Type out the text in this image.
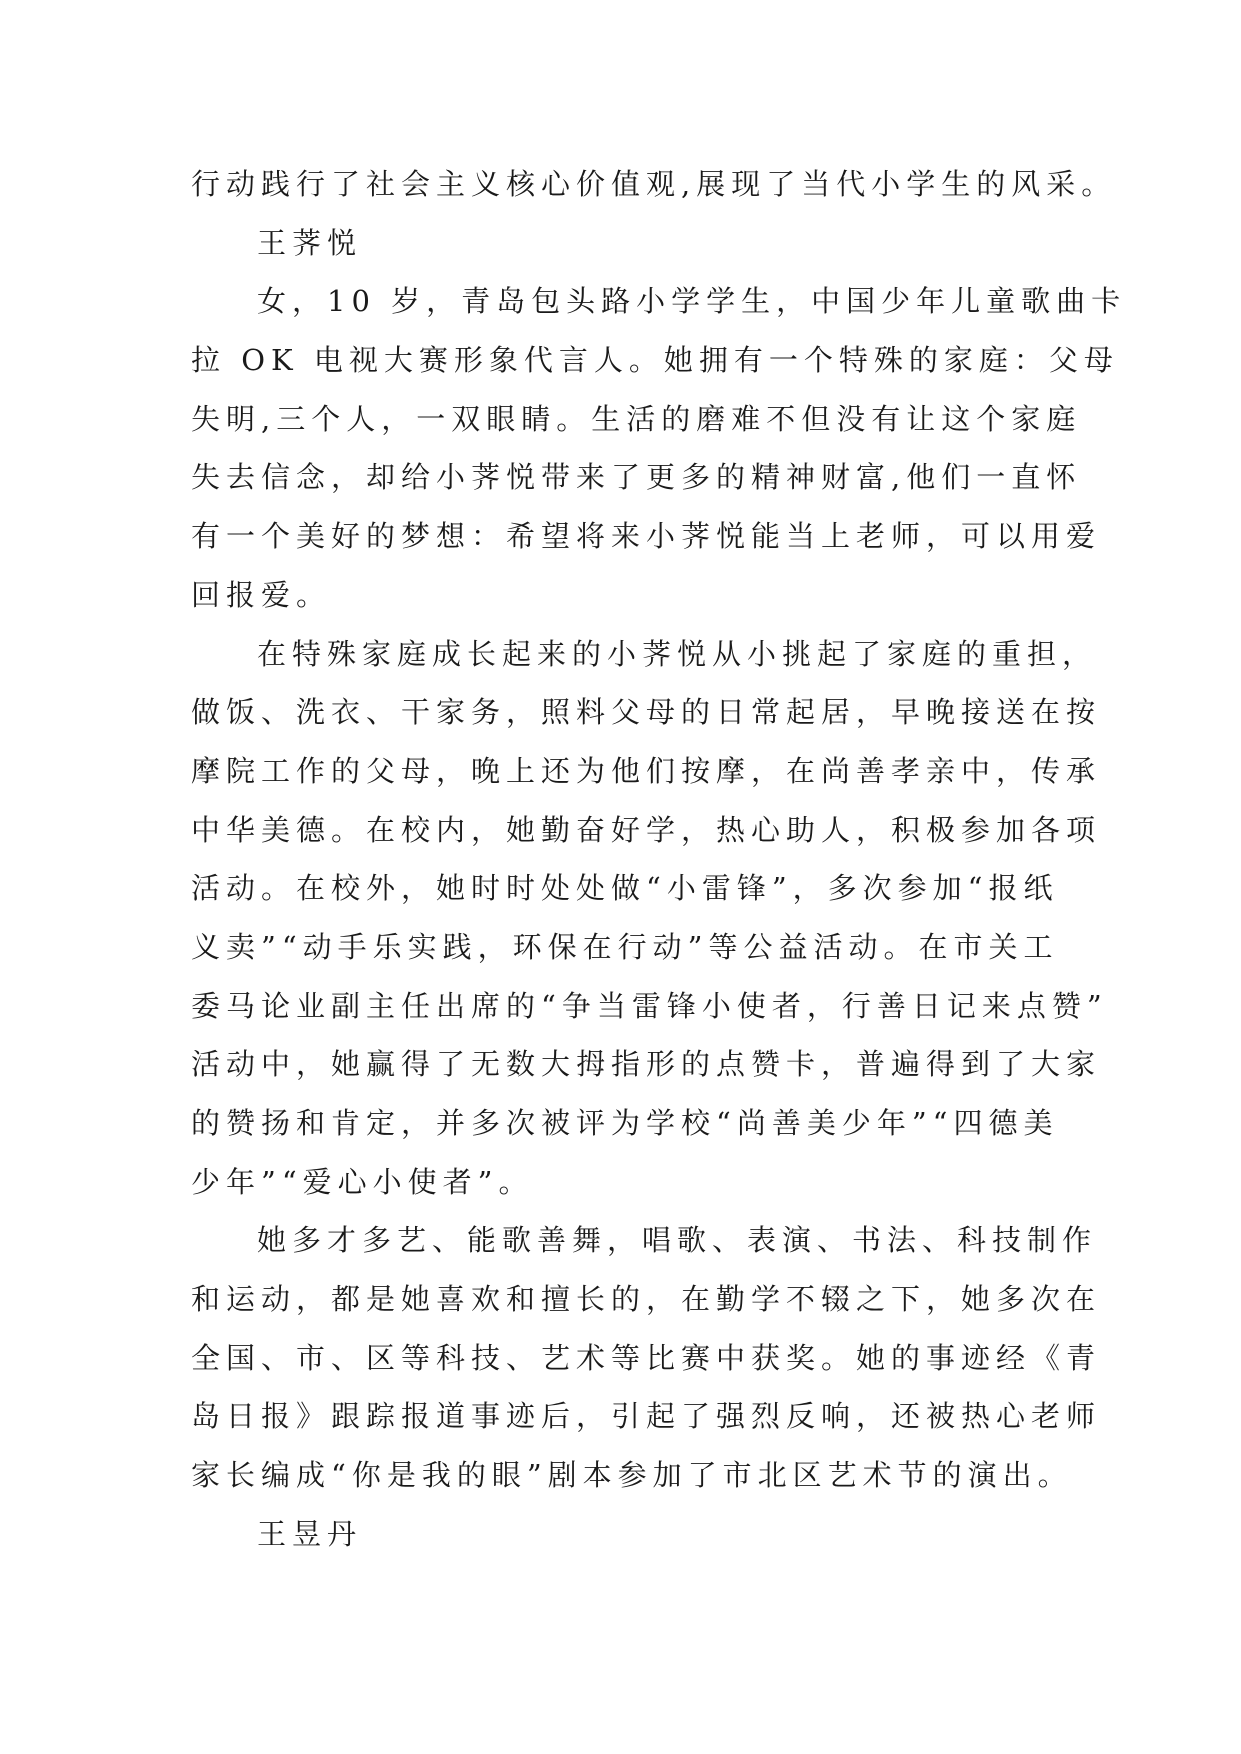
行动践行了社会主义核心价值观,展现了当代小学生的风采。
王荠悦
女，10 岁，青岛包头路小学学生，中国少年儿童歌曲卡
拉 OK 电视大赛形象代言人。她拥有一个特殊的家庭：父母
失明,三个人，一双眼睛。生活的磨难不但没有让这个家庭
失去信念，却给小荠悦带来了更多的精神财富,他们一直怀
有一个美好的梦想：希望将来小荠悦能当上老师，可以用爱
回报爱。
在特殊家庭成长起来的小荠悦从小挑起了家庭的重担，
做饭、洗衣、干家务，照料父母的日常起居，早晚接送在按
摩院工作的父母，晚上还为他们按摩，在尚善孝亲中，传承
中华美德。在校内，她勤奋好学，热心助人，积极参加各项
活动。在校外，她时时处处做“小雷锋”，多次参加“报纸
义卖”“动手乐实践，环保在行动”等公益活动。在市关工
委马论业副主任出席的“争当雷锋小使者，行善日记来点赞”
活动中，她赢得了无数大拇指形的点赞卡，普遍得到了大家
的赞扬和肯定，并多次被评为学校“尚善美少年”“四德美
少年”“爱心小使者”。
她多才多艺、能歌善舞，唱歌、表演、书法、科技制作
和运动，都是她喜欢和擅长的，在勤学不辍之下，她多次在
全国、市、区等科技、艺术等比赛中获奖。她的事迹经《青
岛日报》跟踪报道事迹后，引起了强烈反响，还被热心老师
家长编成“你是我的眼”剧本参加了市北区艺术节的演出。
王昱丹
